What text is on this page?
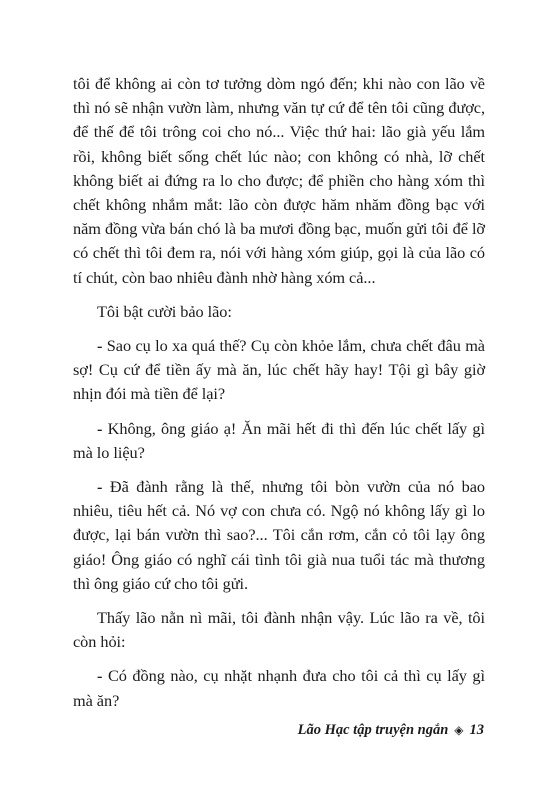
tôi để không ai còn tơ tưởng dòm ngó đến; khi nào con lão về thì nó sẽ nhận vườn làm, nhưng văn tự cứ để tên tôi cũng được, để thế để tôi trông coi cho nó... Việc thứ hai: lão già yếu lắm rồi, không biết sống chết lúc nào; con không có nhà, lỡ chết không biết ai đứng ra lo cho được; để phiền cho hàng xóm thì chết không nhắm mắt: lão còn được hăm nhăm đồng bạc với năm đồng vừa bán chó là ba mươi đồng bạc, muốn gửi tôi để lỡ có chết thì tôi đem ra, nói với hàng xóm giúp, gọi là của lão có tí chút, còn bao nhiêu đành nhờ hàng xóm cả...

Tôi bật cười bảo lão:

- Sao cụ lo xa quá thế? Cụ còn khỏe lắm, chưa chết đâu mà sợ! Cụ cứ để tiền ấy mà ăn, lúc chết hãy hay! Tội gì bây giờ nhịn đói mà tiền để lại?

- Không, ông giáo ạ! Ăn mãi hết đi thì đến lúc chết lấy gì mà lo liệu?

- Đã đành rằng là thế, nhưng tôi bòn vườn của nó bao nhiêu, tiêu hết cả. Nó vợ con chưa có. Ngộ nó không lấy gì lo được, lại bán vườn thì sao?... Tôi cắn rơm, cắn cỏ tôi lạy ông giáo! Ông giáo có nghĩ cái tình tôi già nua tuổi tác mà thương thì ông giáo cứ cho tôi gửi.

Thấy lão nằn nì mãi, tôi đành nhận vậy. Lúc lão ra về, tôi còn hỏi:

- Có đồng nào, cụ nhặt nhạnh đưa cho tôi cả thì cụ lấy gì mà ăn?

Lão Hạc tập truyện ngắn ◈ 13
